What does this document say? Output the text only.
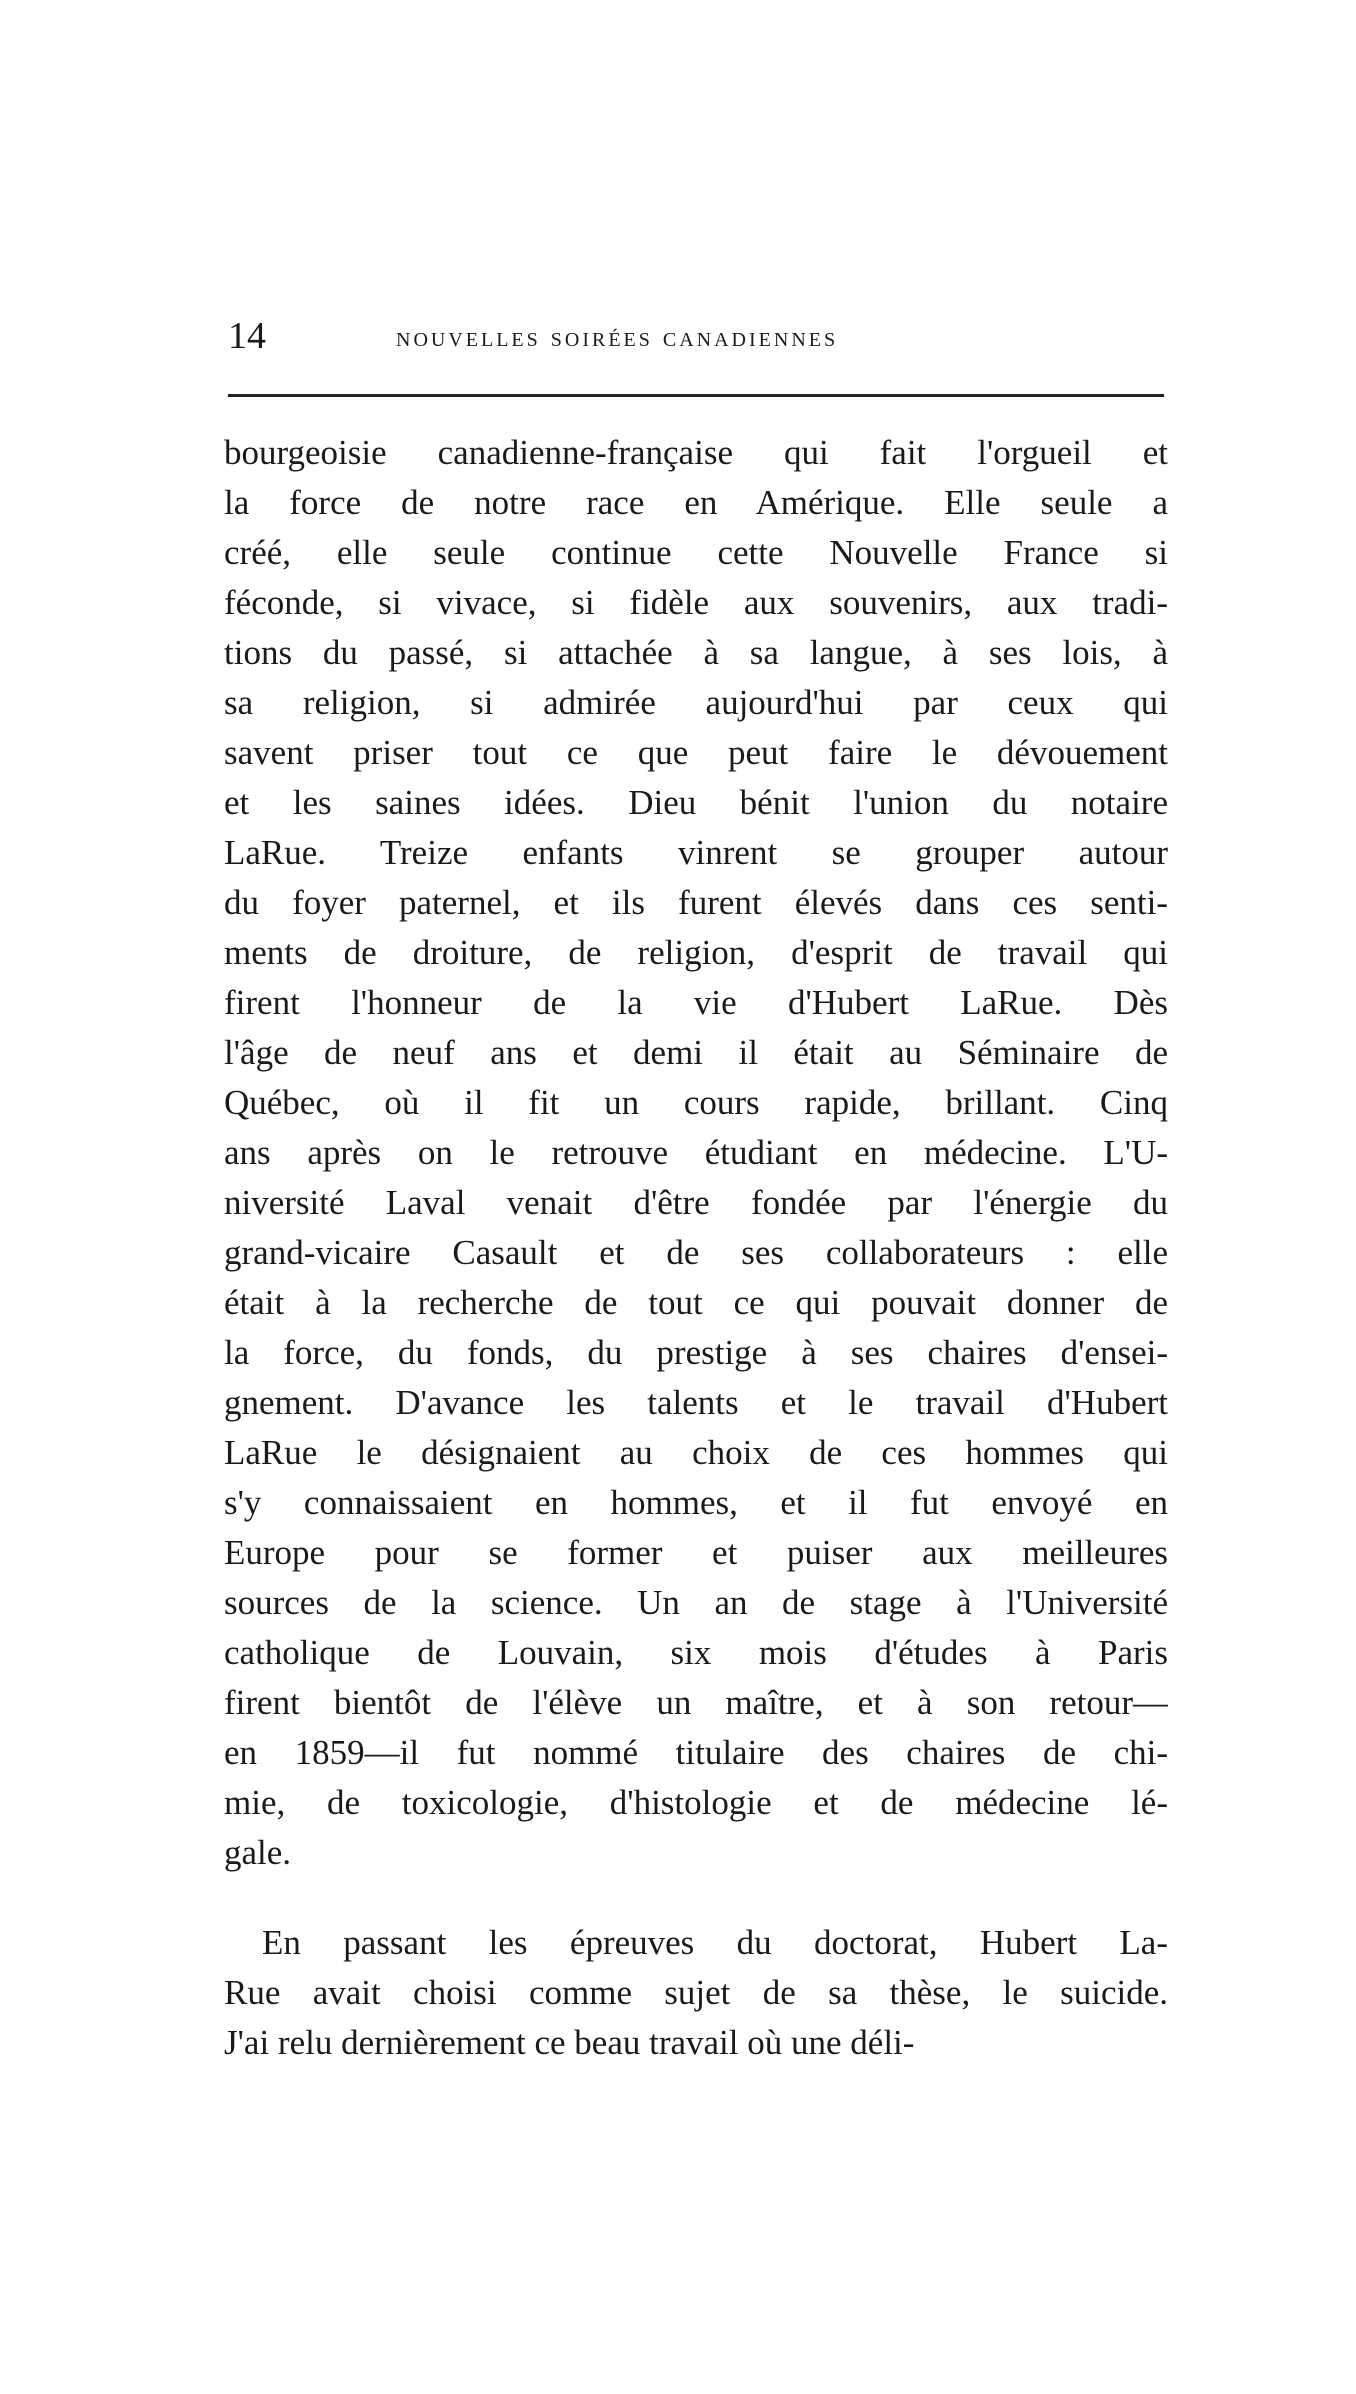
14	nouvelles soirées canadiennes
bourgeoisie canadienne-française qui fait l'orgueil et
la force de notre race en Amérique. Elle seule a
créé, elle seule continue cette Nouvelle France si
féconde, si vivace, si fidèle aux souvenirs, aux tradi-
tions du passé, si attachée à sa langue, à ses lois, à
sa religion, si admirée aujourd'hui par ceux qui
savent priser tout ce que peut faire le dévouement
et les saines idées. Dieu bénit l'union du notaire
LaRue. Treize enfants vinrent se grouper autour
du foyer paternel, et ils furent élevés dans ces senti-
ments de droiture, de religion, d'esprit de travail qui
firent l'honneur de la vie d'Hubert LaRue. Dès
l'âge de neuf ans et demi il était au Séminaire de
Québec, où il fit un cours rapide, brillant. Cinq
ans après on le retrouve étudiant en médecine. L'U-
niversité Laval venait d'être fondée par l'énergie du
grand-vicaire Casault et de ses collaborateurs : elle
était à la recherche de tout ce qui pouvait donner de
la force, du fonds, du prestige à ses chaires d'ensei-
gnement. D'avance les talents et le travail d'Hubert
LaRue le désignaient au choix de ces hommes qui
s'y connaissaient en hommes, et il fut envoyé en
Europe pour se former et puiser aux meilleures
sources de la science. Un an de stage à l'Université
catholique de Louvain, six mois d'études à Paris
firent bientôt de l'élève un maître, et à son retour—
en 1859—il fut nommé titulaire des chaires de chi-
mie, de toxicologie, d'histologie et de médecine lé-
gale.
En passant les épreuves du doctorat, Hubert La-
Rue avait choisi comme sujet de sa thèse, le suicide.
J'ai relu dernièrement ce beau travail où une déli-
